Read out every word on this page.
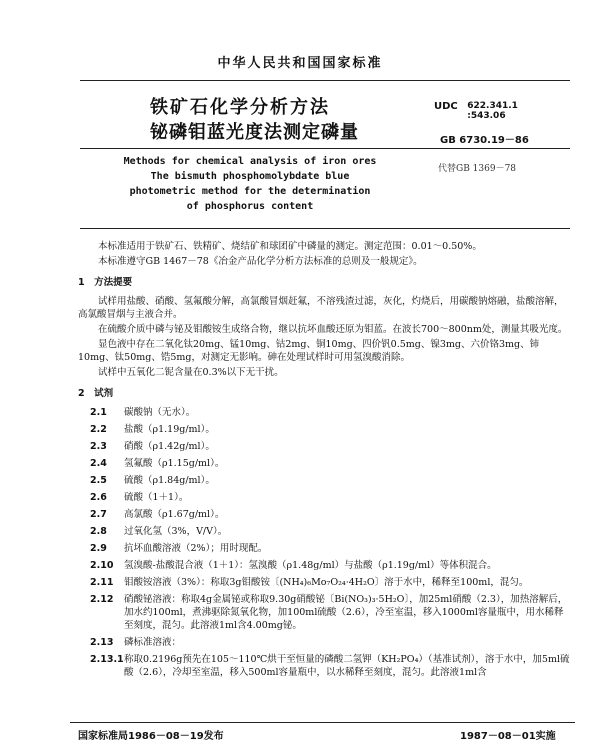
中华人民共和国国家标准
铁矿石化学分析方法
铋磷钼蓝光度法测定磷量
UDC 622.341.1
:543.06
GB 6730.19－86
代替GB 1369－78
Methods for chemical analysis of iron ores
The bismuth phosphomolybdate blue
photometric method for the determination
of phosphorus content

本标准适用于铁矿石、铁精矿、烧结矿和球团矿中磷量的测定。测定范围：0.01～0.50%。

本标准遵守GB 1467－78《冶金产品化学分析方法标准的总则及一般规定》。

1　方法提要

试样用盐酸、硝酸、氢氟酸分解，高氯酸冒烟赶氟，不溶残渣过滤，灰化，灼烧后，用碳酸钠熔融，盐酸溶解，高氯酸冒烟与主液合并。

在硫酸介质中磷与铋及钼酸铵生成络合物，继以抗坏血酸还原为钼蓝。在波长700～800nm处，测量其吸光度。

显色液中存在二氧化钛20mg、锰10mg、钴2mg、铜10mg、四价钒0.5mg、镍3mg、六价铬3mg、铈10mg、钛50mg、锆5mg，对测定无影响。砷在处理试样时可用氢溴酸消除。

试样中五氧化二铌含量在0.3%以下无干扰。

2　试剂

2.1	碳酸钠（无水）。

2.2	盐酸（ρ1.19g/ml）。

2.3	硝酸（ρ1.42g/ml）。

2.4	氢氟酸（ρ1.15g/ml）。

2.5	硫酸（ρ1.84g/ml）。

2.6	硫酸（1＋1）。

2.7	高氯酸（ρ1.67g/ml）。

2.8	过氧化氢（3%，V/V）。

2.9	抗坏血酸溶液（2%）；用时现配。

2.10	氢溴酸-盐酸混合液（1＋1）：氢溴酸（ρ1.48g/ml）与盐酸（ρ1.19g/ml）等体积混合。

2.11	钼酸铵溶液（3%）：称取3g钼酸铵〔(NH₄)₆Mo₇O₂₄·4H₂O〕溶于水中，稀释至100ml，混匀。

2.12	硝酸铋溶液：称取4g金属铋或称取9.30g硝酸铋〔Bi(NO₃)₃·5H₂O〕，加25ml硝酸（2.3），加热溶解后，加水约100ml，煮沸驱除氮氧化物，加100ml硫酸（2.6），冷至室温，移入1000ml容量瓶中，用水稀释至刻度，混匀。此溶液1ml含4.00mg铋。

2.13	磷标准溶液：

2.13.1 称取0.2196g预先在105～110℃烘干至恒量的磷酸二氢钾（KH₂PO₄）（基准试剂），溶于水中，加5ml硫酸（2.6），冷却至室温，移入500ml容量瓶中，以水稀释至刻度，混匀。此溶液1ml含

国家标准局1986－08－19发布	1987－08－01实施
